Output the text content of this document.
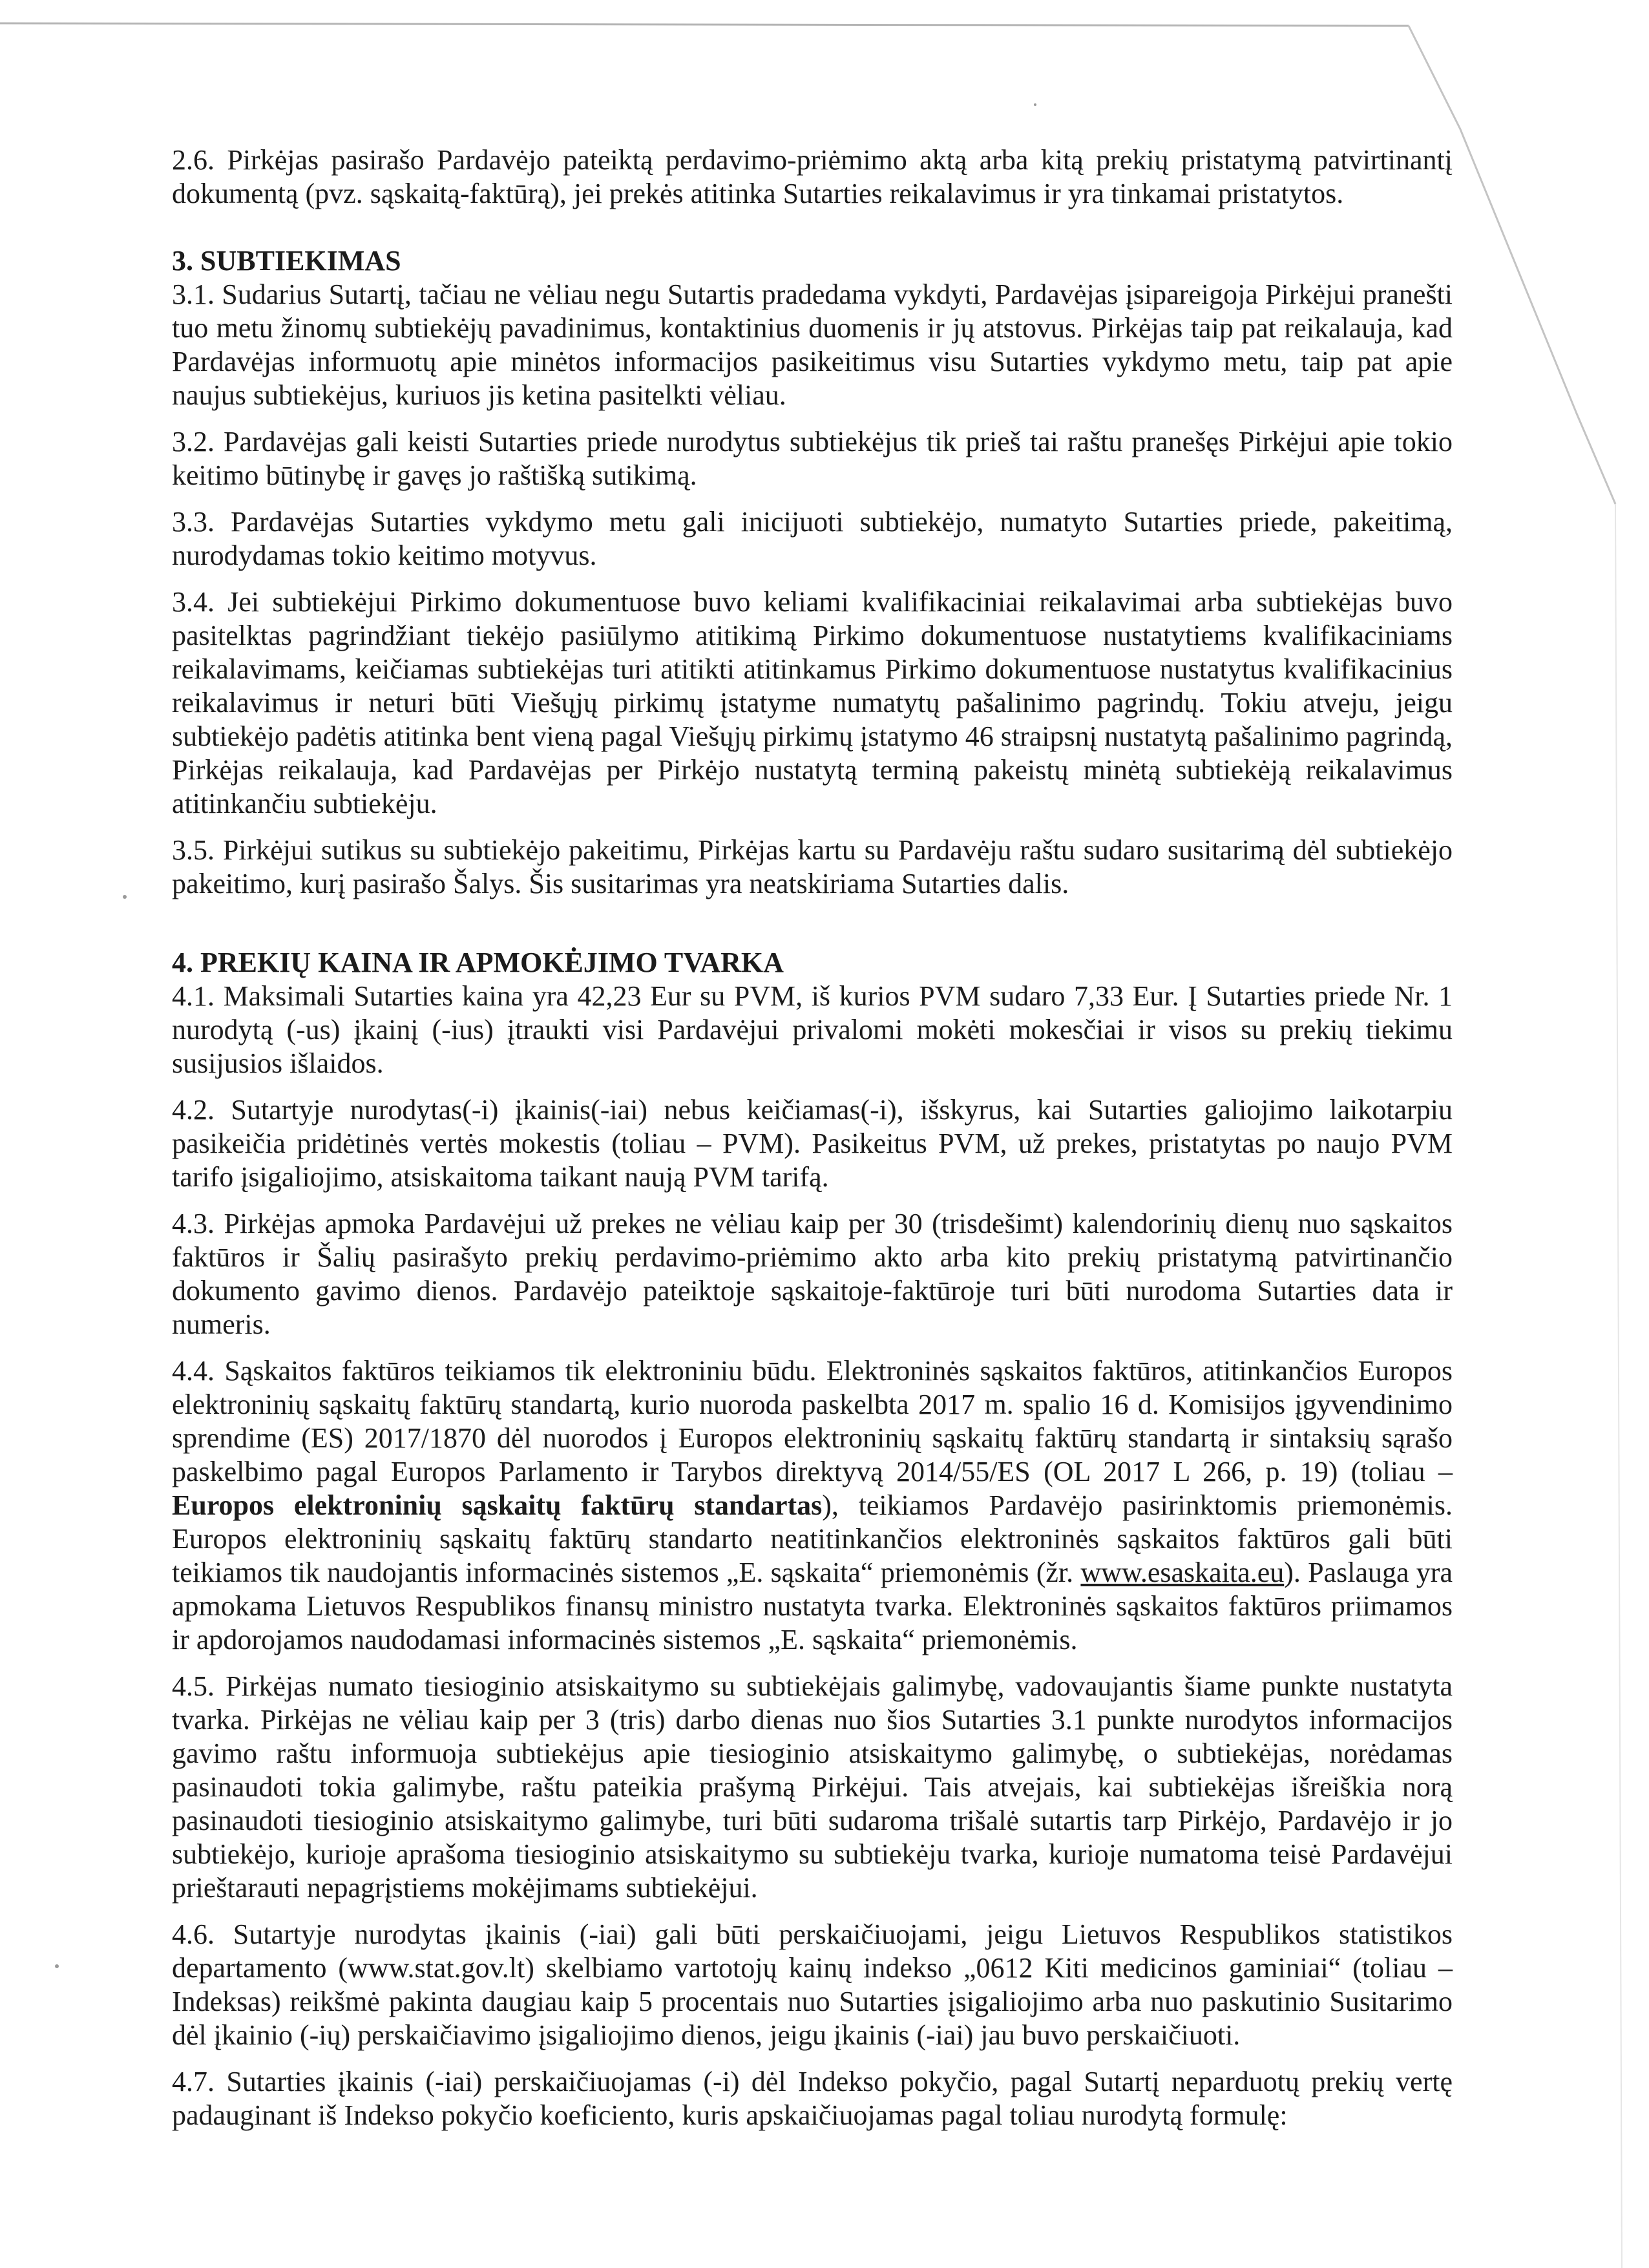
2.6. Pirkėjas pasirašo Pardavėjo pateiktą perdavimo-priėmimo aktą arba kitą prekių pristatymą patvirtinantį dokumentą (pvz. sąskaitą-faktūrą), jei prekės atitinka Sutarties reikalavimus ir yra tinkamai pristatytos.

3. SUBTIEKIMAS

3.1. Sudarius Sutartį, tačiau ne vėliau negu Sutartis pradedama vykdyti, Pardavėjas įsipareigoja Pirkėjui pranešti tuo metu žinomų subtiekėjų pavadinimus, kontaktinius duomenis ir jų atstovus. Pirkėjas taip pat reikalauja, kad Pardavėjas informuotų apie minėtos informacijos pasikeitimus visu Sutarties vykdymo metu, taip pat apie naujus subtiekėjus, kuriuos jis ketina pasitelkti vėliau.

3.2. Pardavėjas gali keisti Sutarties priede nurodytus subtiekėjus tik prieš tai raštu pranešęs Pirkėjui apie tokio keitimo būtinybę ir gavęs jo raštišką sutikimą.

3.3. Pardavėjas Sutarties vykdymo metu gali inicijuoti subtiekėjo, numatyto Sutarties priede, pakeitimą, nurodydamas tokio keitimo motyvus.

3.4. Jei subtiekėjui Pirkimo dokumentuose buvo keliami kvalifikaciniai reikalavimai arba subtiekėjas buvo pasitelktas pagrindžiant tiekėjo pasiūlymo atitikimą Pirkimo dokumentuose nustatytiems kvalifikaciniams reikalavimams, keičiamas subtiekėjas turi atitikti atitinkamus Pirkimo dokumentuose nustatytus kvalifikacinius reikalavimus ir neturi būti Viešųjų pirkimų įstatyme numatytų pašalinimo pagrindų. Tokiu atveju, jeigu subtiekėjo padėtis atitinka bent vieną pagal Viešųjų pirkimų įstatymo 46 straipsnį nustatytą pašalinimo pagrindą, Pirkėjas reikalauja, kad Pardavėjas per Pirkėjo nustatytą terminą pakeistų minėtą subtiekėją reikalavimus atitinkančiu subtiekėju.

3.5. Pirkėjui sutikus su subtiekėjo pakeitimu, Pirkėjas kartu su Pardavėju raštu sudaro susitarimą dėl subtiekėjo pakeitimo, kurį pasirašo Šalys. Šis susitarimas yra neatskiriama Sutarties dalis.

4. PREKIŲ KAINA IR APMOKĖJIMO TVARKA

4.1. Maksimali Sutarties kaina yra 42,23 Eur su PVM, iš kurios PVM sudaro 7,33 Eur. Į Sutarties priede Nr. 1 nurodytą (-us) įkainį (-ius) įtraukti visi Pardavėjui privalomi mokėti mokesčiai ir visos su prekių tiekimu susijusios išlaidos.

4.2. Sutartyje nurodytas(-i) įkainis(-iai) nebus keičiamas(-i), išskyrus, kai Sutarties galiojimo laikotarpiu pasikeičia pridėtinės vertės mokestis (toliau – PVM). Pasikeitus PVM, už prekes, pristatytas po naujo PVM tarifo įsigaliojimo, atsiskaitoma taikant naują PVM tarifą.

4.3. Pirkėjas apmoka Pardavėjui už prekes ne vėliau kaip per 30 (trisdešimt) kalendorinių dienų nuo sąskaitos faktūros ir Šalių pasirašyto prekių perdavimo-priėmimo akto arba kito prekių pristatymą patvirtinančio dokumento gavimo dienos. Pardavėjo pateiktoje sąskaitoje-faktūroje turi būti nurodoma Sutarties data ir numeris.

4.4. Sąskaitos faktūros teikiamos tik elektroniniu būdu. Elektroninės sąskaitos faktūros, atitinkančios Europos elektroninių sąskaitų faktūrų standartą, kurio nuoroda paskelbta 2017 m. spalio 16 d. Komisijos įgyvendinimo sprendime (ES) 2017/1870 dėl nuorodos į Europos elektroninių sąskaitų faktūrų standartą ir sintaksių sąrašo paskelbimo pagal Europos Parlamento ir Tarybos direktyvą 2014/55/ES (OL 2017 L 266, p. 19) (toliau – Europos elektroninių sąskaitų faktūrų standartas), teikiamos Pardavėjo pasirinktomis priemonėmis. Europos elektroninių sąskaitų faktūrų standarto neatitinkančios elektroninės sąskaitos faktūros gali būti teikiamos tik naudojantis informacinės sistemos „E. sąskaita“ priemonėmis (žr. www.esaskaita.eu). Paslauga yra apmokama Lietuvos Respublikos finansų ministro nustatyta tvarka. Elektroninės sąskaitos faktūros priimamos ir apdorojamos naudodamasi informacinės sistemos „E. sąskaita“ priemonėmis.

4.5. Pirkėjas numato tiesioginio atsiskaitymo su subtiekėjais galimybę, vadovaujantis šiame punkte nustatyta tvarka. Pirkėjas ne vėliau kaip per 3 (tris) darbo dienas nuo šios Sutarties 3.1 punkte nurodytos informacijos gavimo raštu informuoja subtiekėjus apie tiesioginio atsiskaitymo galimybę, o subtiekėjas, norėdamas pasinaudoti tokia galimybe, raštu pateikia prašymą Pirkėjui. Tais atvejais, kai subtiekėjas išreiškia norą pasinaudoti tiesioginio atsiskaitymo galimybe, turi būti sudaroma trišalė sutartis tarp Pirkėjo, Pardavėjo ir jo subtiekėjo, kurioje aprašoma tiesioginio atsiskaitymo su subtiekėju tvarka, kurioje numatoma teisė Pardavėjui prieštarauti nepagrįstiems mokėjimams subtiekėjui.

4.6. Sutartyje nurodytas įkainis (-iai) gali būti perskaičiuojami, jeigu Lietuvos Respublikos statistikos departamento (www.stat.gov.lt) skelbiamo vartotojų kainų indekso „0612 Kiti medicinos gaminiai“ (toliau – Indeksas) reikšmė pakinta daugiau kaip 5 procentais nuo Sutarties įsigaliojimo arba nuo paskutinio Susitarimo dėl įkainio (-ių) perskaičiavimo įsigaliojimo dienos, jeigu įkainis (-iai) jau buvo perskaičiuoti.

4.7. Sutarties įkainis (-iai) perskaičiuojamas (-i) dėl Indekso pokyčio, pagal Sutartį neparduotų prekių vertę padauginant iš Indekso pokyčio koeficiento, kuris apskaičiuojamas pagal toliau nurodytą formulę:
